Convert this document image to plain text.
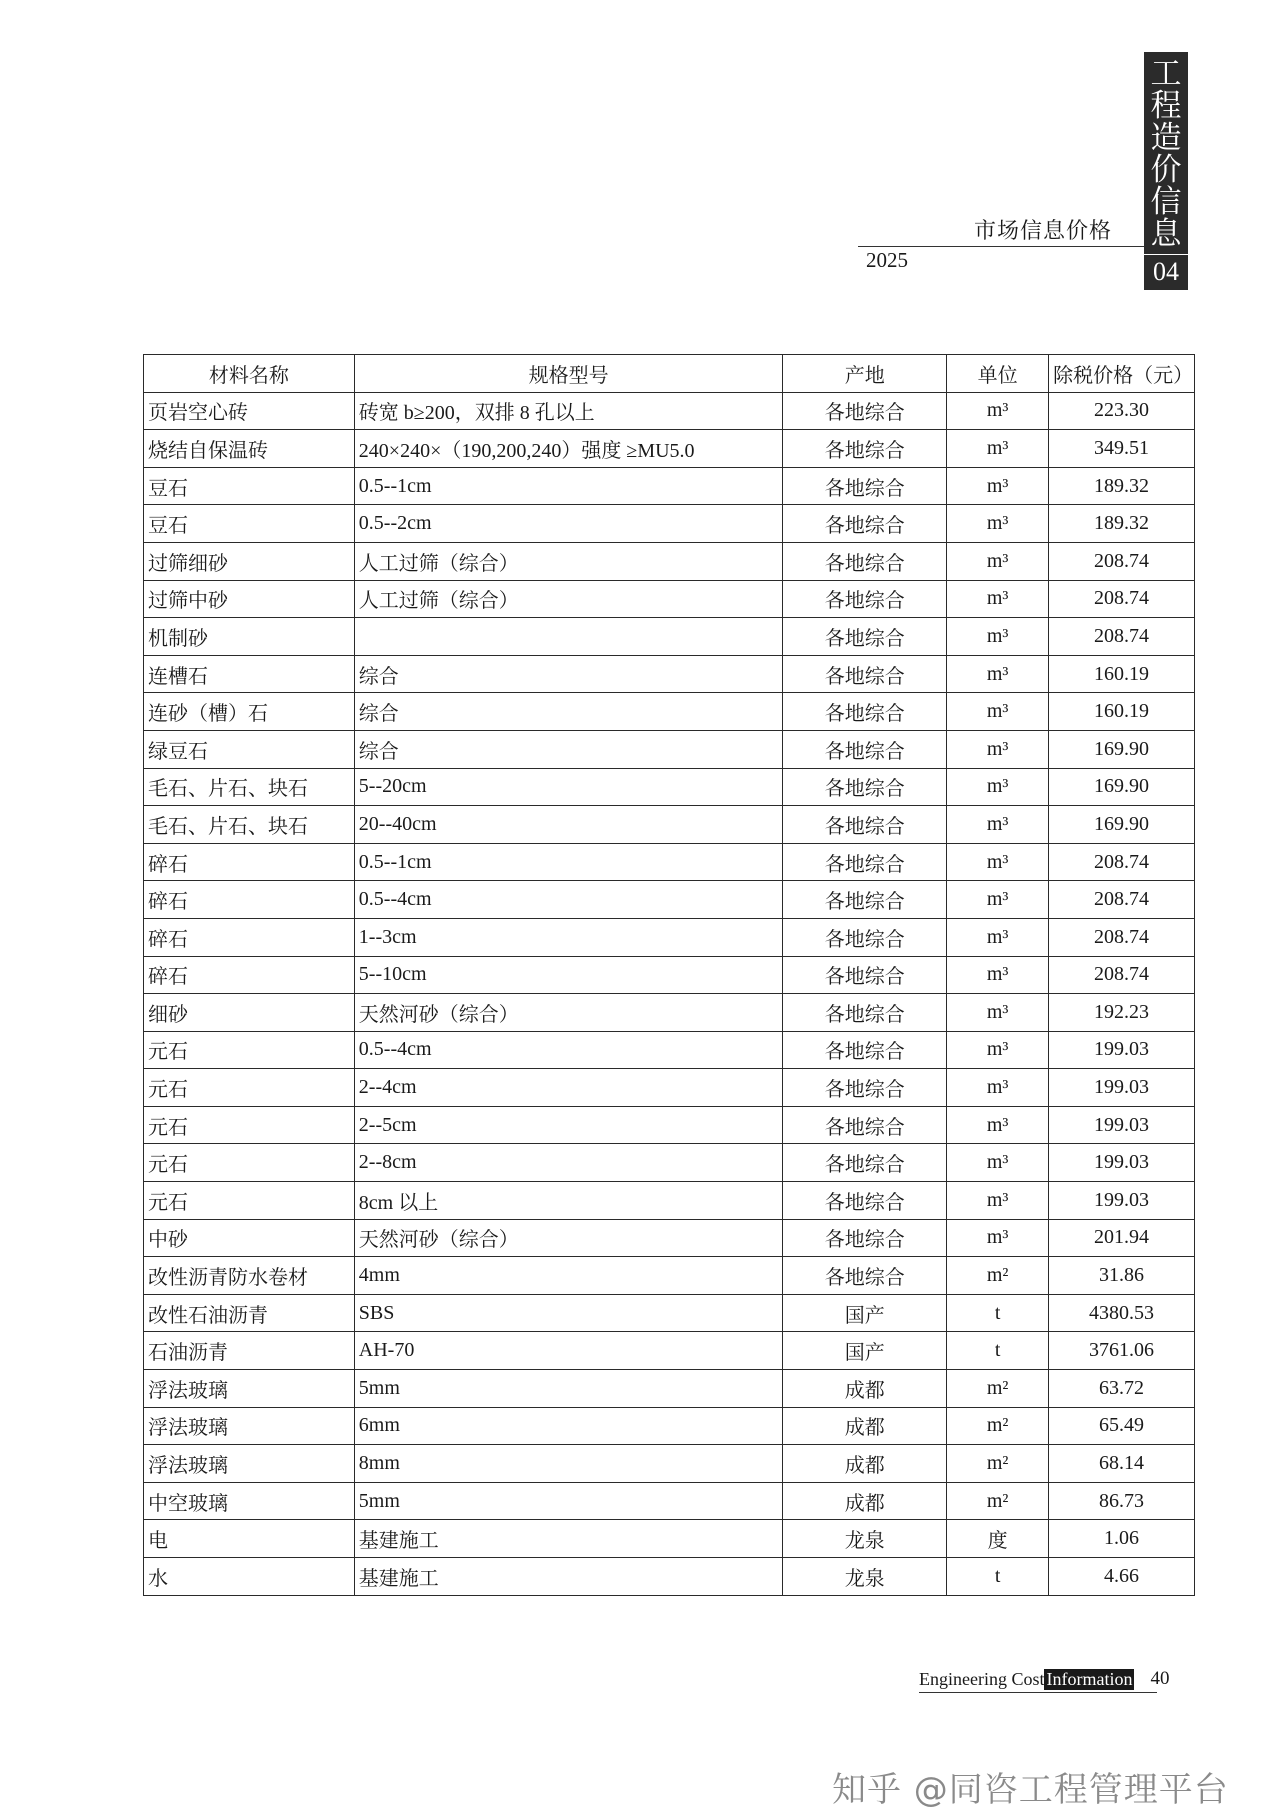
工
程
造
价
信
息
04
市场信息价格
2025
材料名称	规格型号	产地	单位	除税价格（元）
页岩空心砖	砖宽 b≥200，双排 8 孔以上	各地综合	m³	223.30
烧结自保温砖	240×240×（190,200,240）强度 ≥MU5.0	各地综合	m³	349.51
豆石	0.5--1cm	各地综合	m³	189.32
豆石	0.5--2cm	各地综合	m³	189.32
过筛细砂	人工过筛（综合）	各地综合	m³	208.74
过筛中砂	人工过筛（综合）	各地综合	m³	208.74
机制砂		各地综合	m³	208.74
连槽石	综合	各地综合	m³	160.19
连砂（槽）石	综合	各地综合	m³	160.19
绿豆石	综合	各地综合	m³	169.90
毛石、片石、块石	5--20cm	各地综合	m³	169.90
毛石、片石、块石	20--40cm	各地综合	m³	169.90
碎石	0.5--1cm	各地综合	m³	208.74
碎石	0.5--4cm	各地综合	m³	208.74
碎石	1--3cm	各地综合	m³	208.74
碎石	5--10cm	各地综合	m³	208.74
细砂	天然河砂（综合）	各地综合	m³	192.23
元石	0.5--4cm	各地综合	m³	199.03
元石	2--4cm	各地综合	m³	199.03
元石	2--5cm	各地综合	m³	199.03
元石	2--8cm	各地综合	m³	199.03
元石	8cm 以上	各地综合	m³	199.03
中砂	天然河砂（综合）	各地综合	m³	201.94
改性沥青防水卷材	4mm	各地综合	m²	31.86
改性石油沥青	SBS	国产	t	4380.53
石油沥青	AH-70	国产	t	3761.06
浮法玻璃	5mm	成都	m²	63.72
浮法玻璃	6mm	成都	m²	65.49
浮法玻璃	8mm	成都	m²	68.14
中空玻璃	5mm	成都	m²	86.73
电	基建施工	龙泉	度	1.06
水	基建施工	龙泉	t	4.66
Engineering Cost Information 40
知乎 @同咨工程管理平台
